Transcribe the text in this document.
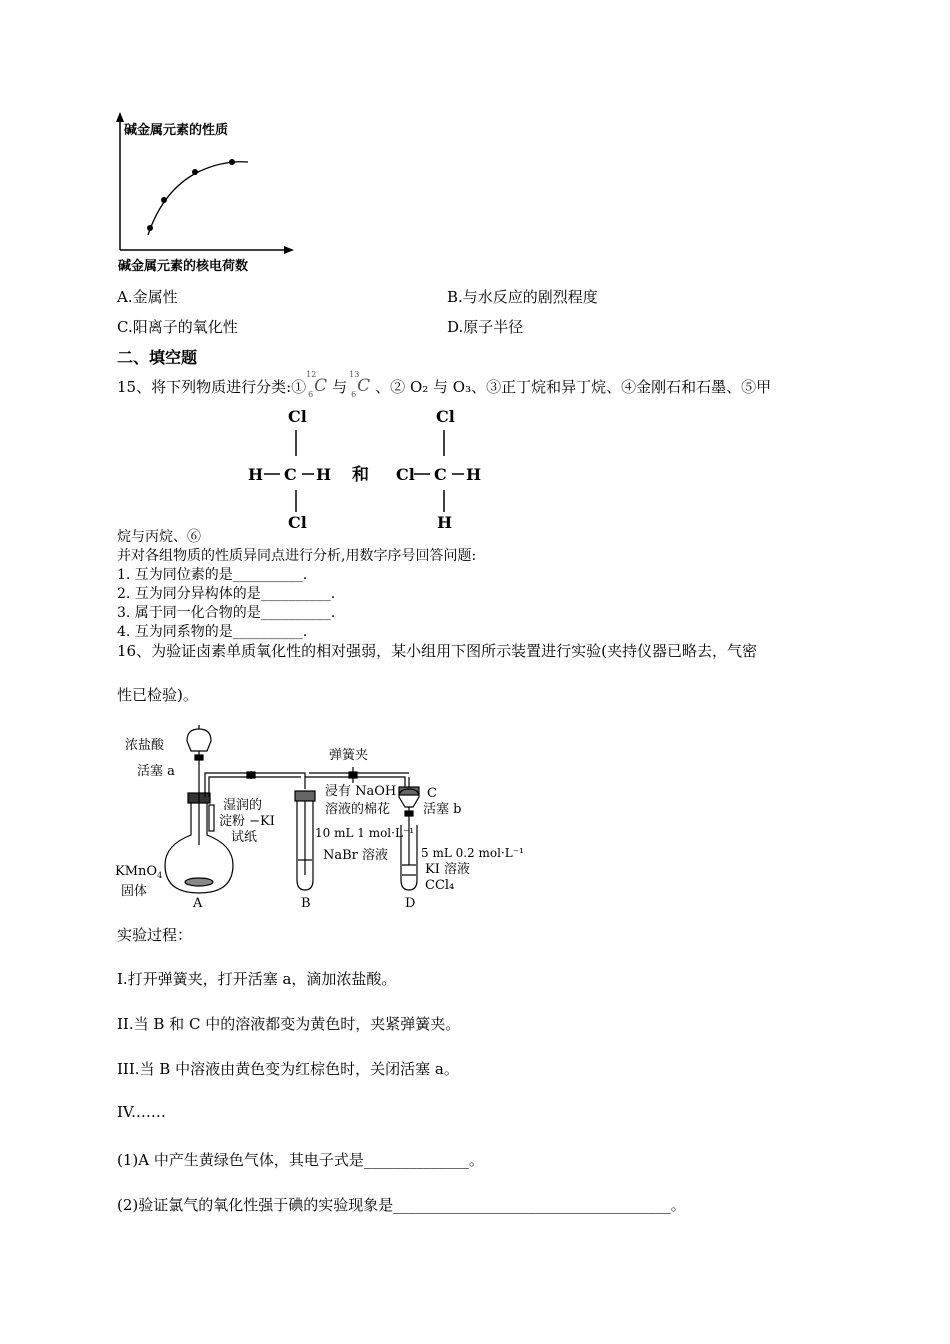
碱金属元素的性质
碱金属元素的核电荷数
A.金属性	B.与水反应的剧烈程度
C.阳离子的氧化性	D.原子半径
二、填空题
15、将下列物质进行分类:①
12
6 C 与
13
6 C 、② O₂ 与 O₃、③正丁烷和异丁烷、④金刚石和石墨、⑤甲
Cl
H C H
Cl
和
Cl
Cl C H
H
烷与丙烷、⑥
并对各组物质的性质异同点进行分析,用数字序号回答问题:
1. 互为同位素的是__________.
2. 互为同分异构体的是__________.
3. 属于同一化合物的是__________.
4. 互为同系物的是__________.
16、为验证卤素单质氧化性的相对强弱，某小组用下图所示装置进行实验(夹持仪器已略去，气密
性已检验)。
浓盐酸
活塞 a
湿润的
淀粉 −KI
试纸
KMnO$_4$
固体
A
弹簧夹
浸有 NaOH
溶液的棉花
C
活塞 b
10 mL 1 mol·L⁻¹
NaBr 溶液
B
5 mL 0.2 mol·L⁻¹
KI 溶液
CCl₄
D
实验过程：
I.打开弹簧夹，打开活塞 a，滴加浓盐酸。
II.当 B 和 C 中的溶液都变为黄色时，夹紧弹簧夹。
III.当 B 中溶液由黄色变为红棕色时，关闭活塞 a。
IV.……
(1)A 中产生黄绿色气体，其电子式是______________。
(2)验证氯气的氧化性强于碘的实验现象是_____________________________________。
